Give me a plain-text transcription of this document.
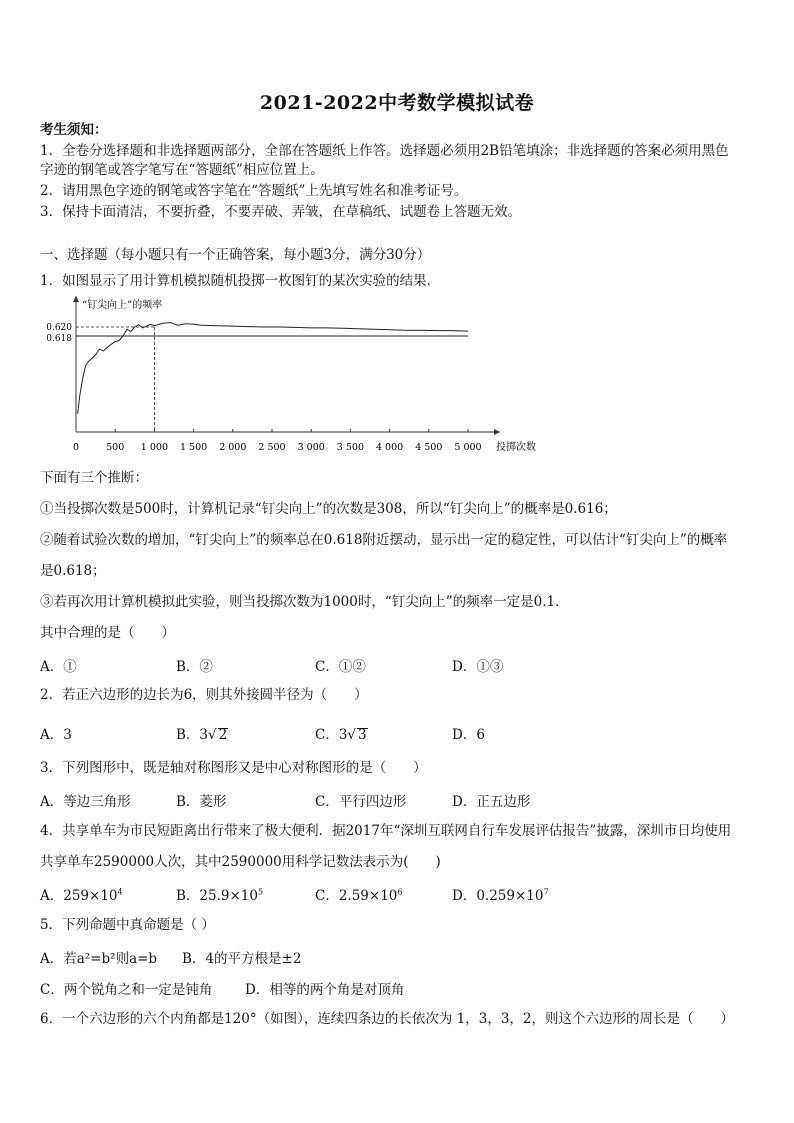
2021-2022中考数学模拟试卷
考生须知：
1．全卷分选择题和非选择题两部分，全部在答题纸上作答。选择题必须用2B铅笔填涂；非选择题的答案必须用黑色
字迹的钢笔或答字笔写在“答题纸”相应位置上。
2．请用黑色字迹的钢笔或答字笔在“答题纸”上先填写姓名和准考证号。
3．保持卡面清洁，不要折叠，不要弄破、弄皱，在草稿纸、试题卷上答题无效。
一、选择题（每小题只有一个正确答案，每小题3分，满分30分）
1．如图显示了用计算机模拟随机投掷一枚图钉的某次实验的结果．
0.620
0.618
“钉尖向上”的频率
0	500 1 000 1 500 2 000 2 500 3 000 3 500 4 000 4 500 5 000 投掷次数
下面有三个推断：
①当投掷次数是500时，计算机记录“钉尖向上”的次数是308，所以“钉尖向上”的概率是0.616；
②随着试验次数的增加，“钉尖向上”的频率总在0.618附近摆动，显示出一定的稳定性，可以估计“钉尖向上”的概率
是0.618；
③若再次用计算机模拟此实验，则当投掷次数为1000时，“钉尖向上”的频率一定是0.1．
其中合理的是（　　）
A．①	B．②	C．①②	D．①③
2．若正六边形的边长为6，则其外接圆半径为（　　）
A．3	B．3√ 2	C．3√ 3	D．6
3．下列图形中，既是轴对称图形又是中心对称图形的是（　　）
A．等边三角形	B．菱形	C．平行四边形	D．正五边形
4．共享单车为市民短距离出行带来了极大便利．据2017年“深圳互联网自行车发展评估报告”披露，深圳市日均使用
共享单车2590000人次，其中2590000用科学记数法表示为(　　)
A．$259\times 10^4$	B．$25.9\times 10^5$	C．$2.59\times 10^6$	D．$0.259\times 10^7$
5．下列命题中真命题是（ ）
A．若a²=b²则a=b B．4的平方根是±2
C．两个锐角之和一定是钝角 D．相等的两个角是对顶角
6．一个六边形的六个内角都是120°（如图），连续四条边的长依次为 1，3，3，2，则这个六边形的周长是（　　）
